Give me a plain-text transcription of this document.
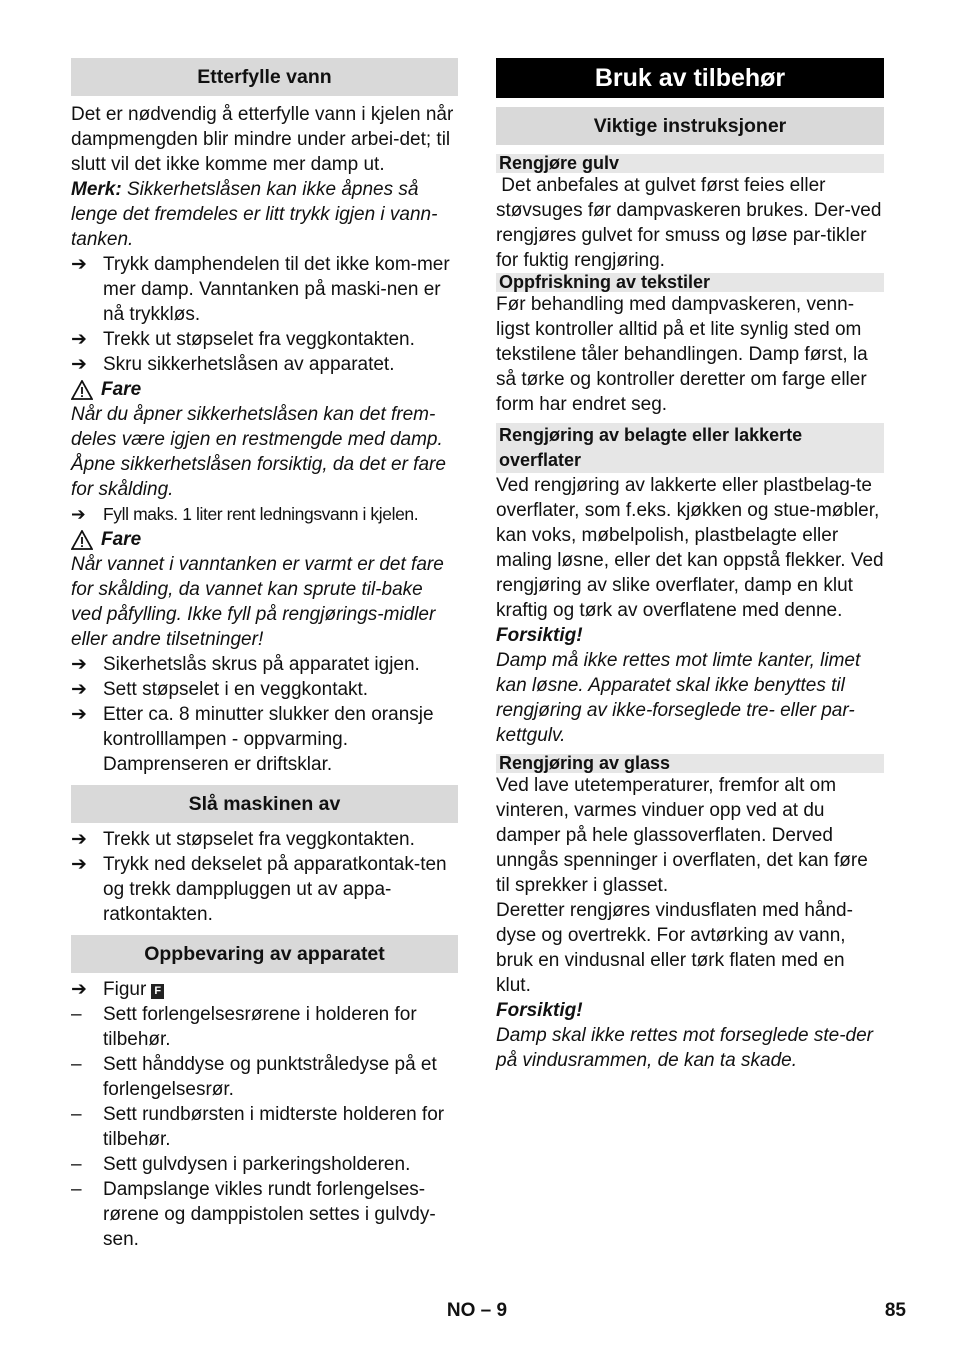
Etterfylle vann

Det er nødvendig å etterfylle vann i kjelen når dampmengden blir mindre under arbei-det; til slutt vil det ikke komme mer damp ut.

Merk: Sikkerhetslåsen kan ikke åpnes så lenge det fremdeles er litt trykk igjen i vann-tanken.

➔ Trykk damphendelen til det ikke kom-mer mer damp. Vanntanken på maski-nen er nå trykkløs.
➔ Trekk ut støpselet fra veggkontakten.
➔ Skru sikkerhetslåsen av apparatet.
Fare

Når du åpner sikkerhetslåsen kan det frem-deles være igjen en restmengde med damp. Åpne sikkerhetslåsen forsiktig, da det er fare for skålding.

➔	Fyll maks. 1 liter rent ledningsvann i kjelen.
Fare

Når vannet i vanntanken er varmt er det fare for skålding, da vannet kan sprute til-bake ved påfylling. Ikke fyll på rengjørings-midler eller andre tilsetninger!

➔ Sikerhetslås skrus på apparatet igjen.
➔ Sett støpselet i en veggkontakt.
➔ Etter ca. 8 minutter slukker den oransje kontrolllampen - oppvarming. Damprenseren er driftsklar.
Slå maskinen av
➔ Trekk ut støpselet fra veggkontakten.
➔ Trykk ned dekselet på apparatkontak-ten og trekk damppluggen ut av appa-ratkontakten.
Oppbevaring av apparatet
➔ Figur F
–	Sett forlengelsesrørene i holderen for tilbehør.
–	Sett hånddyse og punktstråledyse på et forlengelsesrør.
–	Sett rundbørsten i midterste holderen for tilbehør.
–	Sett gulvdysen i parkeringsholderen.
–	Dampslange vikles rundt forlengelses-rørene og damppistolen settes i gulvdy-sen.
Bruk av tilbehør
Viktige instruksjoner
Rengjøre gulv

Det anbefales at gulvet først feies eller støvsuges før dampvaskeren brukes. Der-ved rengjøres gulvet for smuss og løse par-tikler for fuktig rengjøring.

Oppfriskning av tekstiler

Før behandling med dampvaskeren, venn-ligst kontroller alltid på et lite synlig sted om tekstilene tåler behandlingen. Damp først, la så tørke og kontroller deretter om farge eller form har endret seg.

Rengjøring av belagte eller lakkerte overflater

Ved rengjøring av lakkerte eller plastbelag-te overflater, som f.eks. kjøkken og stue-møbler, kan voks, møbelpolish, plastbelagte eller maling løsne, eller det kan oppstå flekker. Ved rengjøring av slike overflater, damp en klut kraftig og tørk av overflatene med denne.

Forsiktig!

Damp må ikke rettes mot limte kanter, limet kan løsne. Apparatet skal ikke benyttes til rengjøring av ikke-forseglede tre- eller par-kettgulv.

Rengjøring av glass

Ved lave utetemperaturer, fremfor alt om vinteren, varmes vinduer opp ved at du damper på hele glassoverflaten. Derved unngås spenninger i overflaten, det kan føre til sprekker i glasset.

Deretter rengjøres vindusflaten med hånd-dyse og overtrekk. For avtørking av vann, bruk en vindusnal eller tørk flaten med en klut.

Forsiktig!

Damp skal ikke rettes mot forseglede ste-der på vindusrammen, de kan ta skade.

NO – 9	85
